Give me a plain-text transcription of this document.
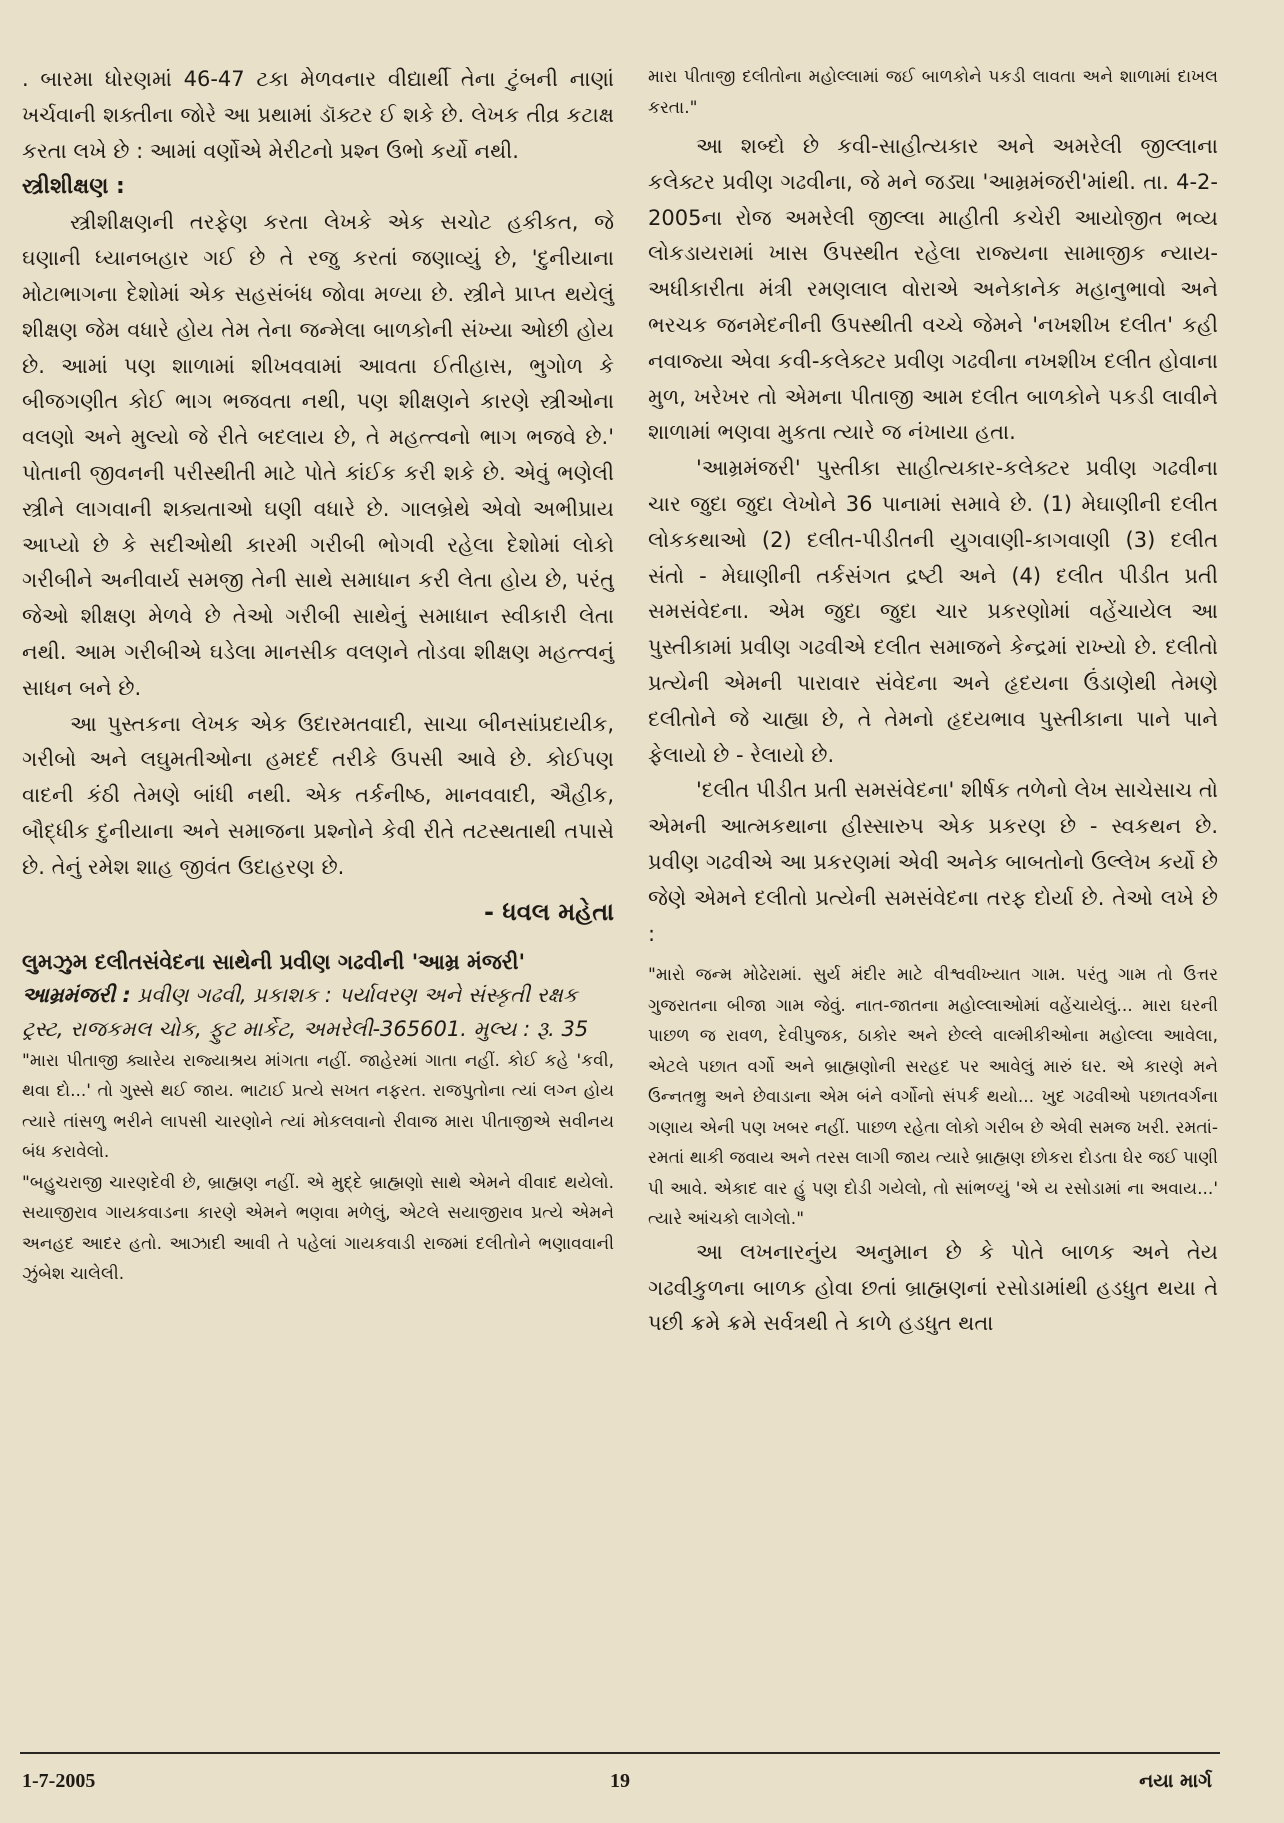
. બારમા ધોરણમાં 46-47 ટકા મેળવનાર વીદ્યાર્થી તેના ટુંબની નાણાં ખર્ચવાની શક્તીના જોરે આ પ્રથામાં ડૉક્ટર ઈ શકે છે. લેખક તીવ્ર કટાક્ષ કરતા લખે છે : આમાં વર્ણોએ મેરીટનો પ્રશ્ન ઉભો કર્યો નથી.

સ્ત્રીશીક્ષણ :

સ્ત્રીશીક્ષણની તરફેણ કરતા લેખકે એક સચોટ હકીકત, જે ઘણાની ધ્યાનબહાર ગઈ છે તે રજુ કરતાં જણાવ્યું છે, 'દુનીયાના મોટાભાગના દેશોમાં એક સહસંબંધ જોવા મળ્યા છે. સ્ત્રીને પ્રાપ્ત થયેલું શીક્ષણ જેમ વધારે હોય તેમ તેના જન્મેલા બાળકોની સંખ્યા ઓછી હોય છે. આમાં પણ શાળામાં શીખવવામાં આવતા ઈતીહાસ, ભુગોળ કે બીજગણીત કોઈ ભાગ ભજવતા નથી, પણ શીક્ષણને કારણે સ્ત્રીઓના વલણો અને મુલ્યો જે રીતે બદલાય છે, તે મહત્ત્વનો ભાગ ભજવે છે.' પોતાની જીવનની પરીસ્થીતી માટે પોતે કાંઈક કરી શકે છે. એવું ભણેલી સ્ત્રીને લાગવાની શક્યતાઓ ઘણી વધારે છે. ગાલબ્રેથે એવો અભીપ્રાય આપ્યો છે કે સદીઓથી કારમી ગરીબી ભોગવી રહેલા દેશોમાં લોકો ગરીબીને અનીવાર્ય સમજી તેની સાથે સમાધાન કરી લેતા હોય છે, પરંતુ જેઓ શીક્ષણ મેળવે છે તેઓ ગરીબી સાથેનું સમાધાન સ્વીકારી લેતા નથી. આમ ગરીબીએ ઘડેલા માનસીક વલણને તોડવા શીક્ષણ મહત્ત્વનું સાધન બને છે.

આ પુસ્તકના લેખક એક ઉદારમતવાદી, સાચા બીનસાંપ્રદાયીક, ગરીબો અને લઘુમતીઓના હમદર્દ તરીકે ઉપસી આવે છે. કોઈપણ વાદની કંઠી તેમણે બાંધી નથી. એક તર્કનીષ્ઠ, માનવવાદી, ઐહીક, બૌદ્ધીક દુનીયાના અને સમાજના પ્રશ્નોને કેવી રીતે તટસ્થતાથી તપાસે છે. તેનું રમેશ શાહ જીવંત ઉદાહરણ છે.

- ધવલ મહેતા

લુમઝુમ દલીતસંવેદના સાથેની પ્રવીણ ગઢવીની 'આમ્ર મંજરી'

આમ્રમંજરી : પ્રવીણ ગઢવી, પ્રકાશક : પર્યાવરણ અને સંસ્કૃતી રક્ષક ટ્રસ્ટ, રાજકમલ ચોક, ફુટ માર્કેટ, અમરેલી-365601. મુલ્ય : રૂ. 35

"મારા પીતાજી ક્યારેય રાજ્યાશ્રય માંગતા નહીં. જાહેરમાં ગાતા નહીં. કોઈ કહે 'કવી, થવા દો...' તો ગુસ્સે થઈ જાય. ભાટાઈ પ્રત્યે સખત નફરત. રાજપુતોના ત્યાં લગ્ન હોય ત્યારે તાંસળુ ભરીને લાપસી ચારણોને ત્યાં મોકલવાનો રીવાજ મારા પીતાજીએ સવીનય બંધ કરાવેલો.

"બહુચરાજી ચારણદેવી છે, બ્રાહ્મણ નહીં. એ મુદ્દે બ્રાહ્મણો સાથે એમને વીવાદ થયેલો. સયાજીરાવ ગાયકવાડના કારણે એમને ભણવા મળેલું, એટલે સયાજીરાવ પ્રત્યે એમને અનહદ આદર હતો. આઝાદી આવી તે પહેલાં ગાયકવાડી રાજમાં દલીતોને ભણાવવાની ઝુંબેશ ચાલેલી.

મારા પીતાજી દલીતોના મહોલ્લામાં જઈ બાળકોને પકડી લાવતા અને શાળામાં દાખલ કરતા."

આ શબ્દો છે કવી-સાહીત્યકાર અને અમરેલી જીલ્લાના કલેક્ટર પ્રવીણ ગઢવીના, જે મને જડ્યા 'આમ્રમંજરી'માંથી. તા. 4-2-2005ના રોજ અમરેલી જીલ્લા માહીતી કચેરી આયોજીત ભવ્ય લોકડાયરામાં ખાસ ઉપસ્થીત રહેલા રાજ્યના સામાજીક ન્યાય-અધીકારીતા મંત્રી રમણલાલ વોરાએ અનેકાનેક મહાનુભાવો અને ભરચક જનમેદનીની ઉપસ્થીતી વચ્ચે જેમને 'નખશીખ દલીત' કહી નવાજ્યા એવા કવી-કલેક્ટર પ્રવીણ ગઢવીના નખશીખ દલીત હોવાના મુળ, ખરેખર તો એમના પીતાજી આમ દલીત બાળકોને પકડી લાવીને શાળામાં ભણવા મુકતા ત્યારે જ નંખાયા હતા.

'આમ્રમંજરી' પુસ્તીકા સાહીત્યકાર-કલેક્ટર પ્રવીણ ગઢવીના ચાર જુદા જુદા લેખોને 36 પાનામાં સમાવે છે. (1) મેઘાણીની દલીત લોકકથાઓ (2) દલીત-પીડીતની યુગવાણી-કાગવાણી (3) દલીત સંતો - મેઘાણીની તર્કસંગત દ્રષ્ટી અને (4) દલીત પીડીત પ્રતી સમસંવેદના. એમ જુદા જુદા ચાર પ્રકરણોમાં વહેંચાયેલ આ પુસ્તીકામાં પ્રવીણ ગઢવીએ દલીત સમાજને કેન્દ્રમાં રાખ્યો છે. દલીતો પ્રત્યેની એમની પારાવાર સંવેદના અને હૃદયના ઉંડાણેથી તેમણે દલીતોને જે ચાહ્યા છે, તે તેમનો હૃદયભાવ પુસ્તીકાના પાને પાને ફેલાયો છે - રેલાયો છે.

'દલીત પીડીત પ્રતી સમસંવેદના' શીર્ષક તળેનો લેખ સાચેસાચ તો એમની આત્મકથાના હીસ્સારુપ એક પ્રકરણ છે - સ્વકથન છે. પ્રવીણ ગઢવીએ આ પ્રકરણમાં એવી અનેક બાબતોનો ઉલ્લેખ કર્યો છે જેણે એમને દલીતો પ્રત્યેની સમસંવેદના તરફ દોર્યા છે. તેઓ લખે છે :

"મારો જન્મ મોઢેરામાં. સુર્ય મંદીર માટે વીશ્વવીખ્યાત ગામ. પરંતુ ગામ તો ઉત્તર ગુજરાતના બીજા ગામ જેવું. નાત-જાતના મહોલ્લાઓમાં વહેંચાયેલું... મારા ઘરની પાછળ જ રાવળ, દેવીપુજક, ઠાકોર અને છેલ્લે વાલ્મીકીઓના મહોલ્લા આવેલા, એટલે પછાત વર્ગો અને બ્રાહ્મણોની સરહદ પર આવેલું મારું ઘર. એ કારણે મને ઉન્નતભ્રુ અને છેવાડાના એમ બંને વર્ગોનો સંપર્ક થયો... ખુદ ગઢવીઓ પછાતવર્ગના ગણાય એની પણ ખબર નહીં. પાછળ રહેતા લોકો ગરીબ છે એવી સમજ ખરી. રમતાં-રમતાં થાકી જવાય અને તરસ લાગી જાય ત્યારે બ્રાહ્મણ છોકરા દોડતા ઘેર જઈ પાણી પી આવે. એકાદ વાર હું પણ દોડી ગયેલો, તો સાંભળ્યું 'એ ય રસોડામાં ના અવાય...' ત્યારે આંચકો લાગેલો."

આ લખનારનુંય અનુમાન છે કે પોતે બાળક અને તેય ગઢવીકુળના બાળક હોવા છતાં બ્રાહ્મણનાં રસોડામાંથી હડધુત થયા તે પછી ક્રમે ક્રમે સર્વત્રથી તે કાળે હડધુત થતા

1-7-2005	19	નયા માર્ગ
